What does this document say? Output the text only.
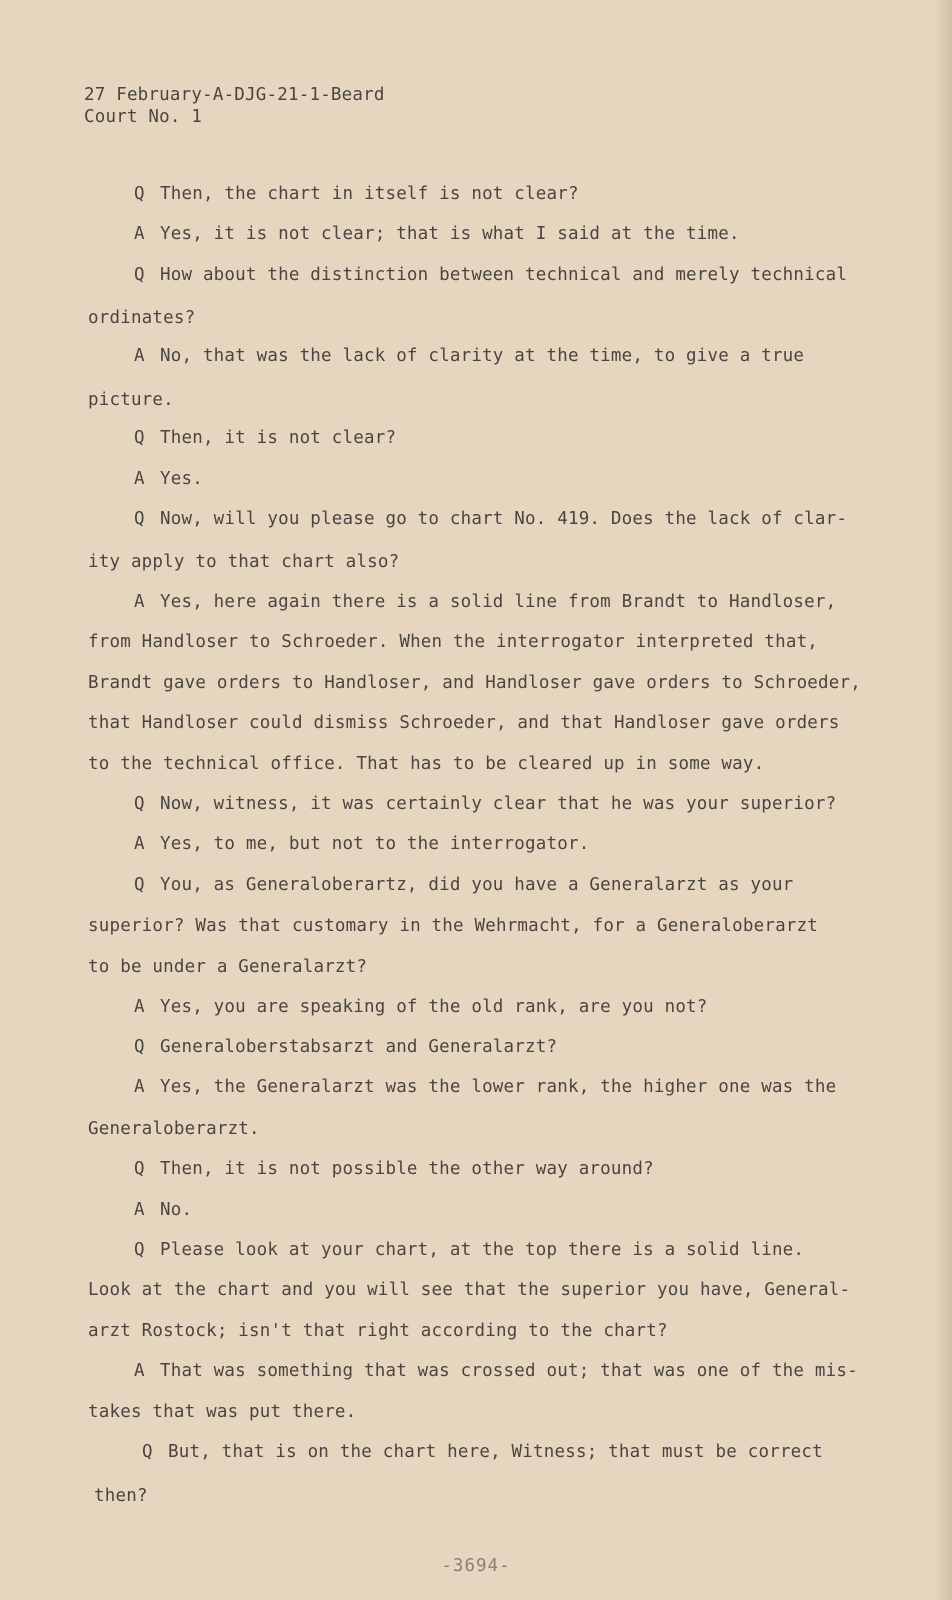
27 February-A-DJG-21-1-Beard
Court No. 1
Q Then, the chart in itself is not clear?
A Yes, it is not clear; that is what I said at the time.
Q How about the distinction between technical and merely technical
ordinates?
A No, that was the lack of clarity at the time, to give a true
picture.
Q Then, it is not clear?
A Yes.
Q Now, will you please go to chart No. 419. Does the lack of clar-
ity apply to that chart also?
A Yes, here again there is a solid line from Brandt to Handloser,
from Handloser to Schroeder. When the interrogator interpreted that,
Brandt gave orders to Handloser, and Handloser gave orders to Schroeder,
that Handloser could dismiss Schroeder, and that Handloser gave orders
to the technical office. That has to be cleared up in some way.
Q Now, witness, it was certainly clear that he was your superior?
A Yes, to me, but not to the interrogator.
Q You, as Generaloberartz, did you have a Generalarzt as your
superior? Was that customary in the Wehrmacht, for a Generaloberarzt
to be under a Generalarzt?
A Yes, you are speaking of the old rank, are you not?
Q Generaloberstabsarzt and Generalarzt?
A Yes, the Generalarzt was the lower rank, the higher one was the
Generaloberarzt.
Q Then, it is not possible the other way around?
A No.
Q Please look at your chart, at the top there is a solid line.
Look at the chart and you will see that the superior you have, General-
arzt Rostock; isn't that right according to the chart?
A That was something that was crossed out; that was one of the mis-
takes that was put there.
Q But, that is on the chart here, Witness; that must be correct
then?
-3694-
